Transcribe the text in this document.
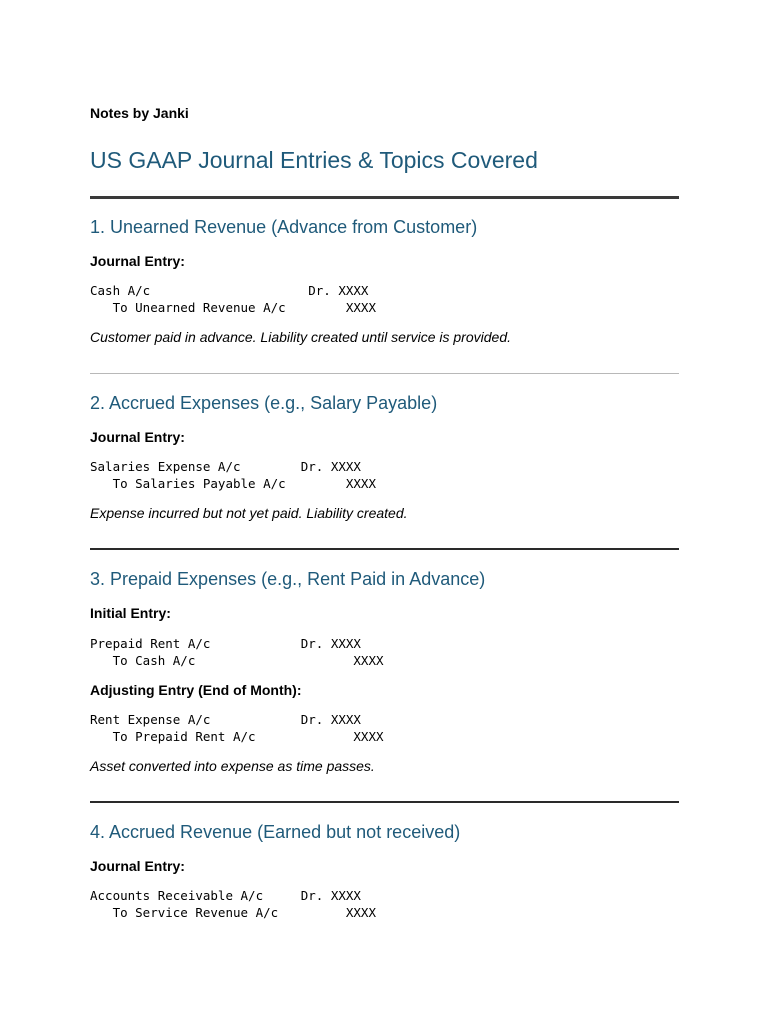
Notes by Janki
US GAAP Journal Entries & Topics Covered
1. Unearned Revenue (Advance from Customer)
Journal Entry:
Cash A/c                     Dr. XXXX
To Unearned Revenue A/c        XXXX
Customer paid in advance. Liability created until service is provided.
2. Accrued Expenses (e.g., Salary Payable)
Journal Entry:
Salaries Expense A/c        Dr. XXXX
To Salaries Payable A/c        XXXX
Expense incurred but not yet paid. Liability created.
3. Prepaid Expenses (e.g., Rent Paid in Advance)
Initial Entry:
Prepaid Rent A/c            Dr. XXXX
To Cash A/c                     XXXX
Adjusting Entry (End of Month):
Rent Expense A/c            Dr. XXXX
To Prepaid Rent A/c             XXXX
Asset converted into expense as time passes.
4. Accrued Revenue (Earned but not received)
Journal Entry:
Accounts Receivable A/c     Dr. XXXX
To Service Revenue A/c         XXXX
